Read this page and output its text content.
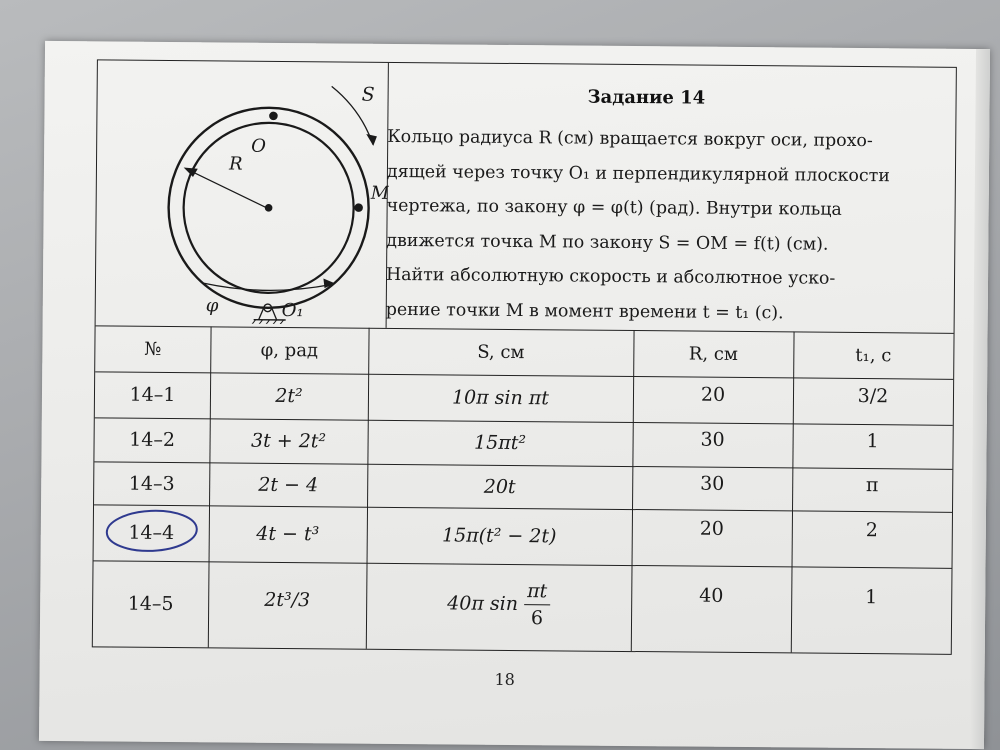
S
O
R
M
φ	O₁
Задание 14

Кольцо радиуса R (см) вращается вокруг оси, прохо-

дящей через точку O₁ и перпендикулярной плоскости

чертежа, по закону φ = φ(t) (рад). Внутри кольца

движется точка M по закону S = OM = f(t) (см).

Найти абсолютную скорость и абсолютное уско-

рение точки M в момент времени t = t₁ (с).

№	φ, рад	S, см	R, см	t₁, с
14–1	2t²	10π sin πt	20	3/2
14–2	3t + 2t²	15πt²	30	1
14–3	2t − 4	20t	30	π
14–4	4t − t³	15π(t² − 2t)	20	2
14–5	2t³/3	40π $\sin \frac{\pi t}{6}$	40	1
18
